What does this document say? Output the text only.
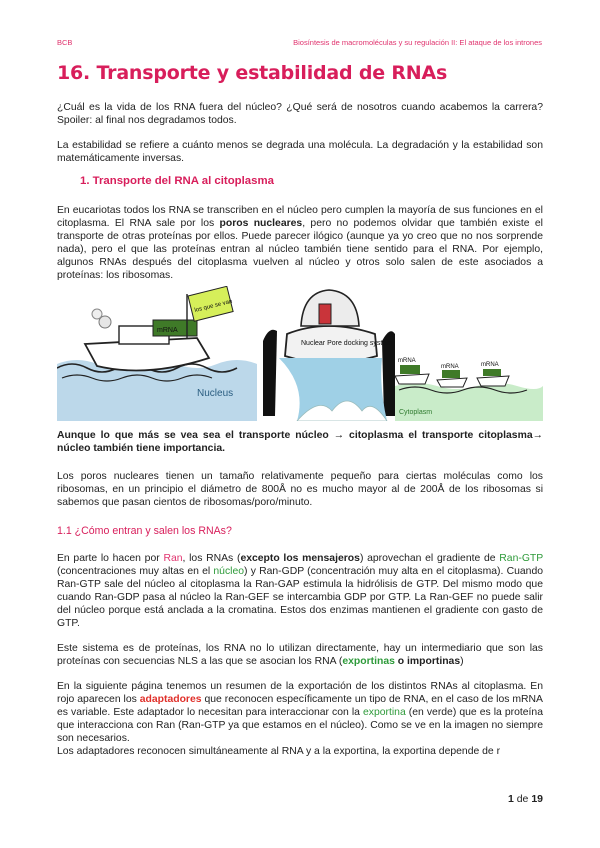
BCB	Biosíntesis de macromoléculas y su regulación II: El ataque de los intrones
16. Transporte y estabilidad de RNAs

¿Cuál es la vida de los RNA fuera del núcleo? ¿Qué será de nosotros cuando acabemos la carrera? Spoiler: al final nos degradamos todos.

La estabilidad se refiere a cuánto menos se degrada una molécula. La degradación y la estabilidad son matemáticamente inversas.

1. Transporte del RNA al citoplasma

En eucariotas todos los RNA se transcriben en el núcleo pero cumplen la mayoría de sus funciones en el citoplasma. El RNA sale por los poros nucleares, pero no podemos olvidar que también existe el transporte de otras proteínas por ellos. Puede parecer ilógico (aunque ya yo creo que no nos sorprende nada), pero el que las proteínas entran al núcleo también tiene sentido para el RNA. Por ejemplo, algunos RNAs después del citoplasma vuelven al núcleo y otros solo salen de este asociados a proteínas: los ribosomas.

mRNA
los que se van
Nucleus
Nuclear Pore docking system
mRNA
mRNA	mRNA
Cytoplasm

Aunque lo que más se vea sea el transporte núcleo → citoplasma el transporte citoplasma→ núcleo también tiene importancia.

Los poros nucleares tienen un tamaño relativamente pequeño para ciertas moléculas como los ribosomas, en un principio el diámetro de 800Å no es mucho mayor al de 200Å de los ribosomas si sabemos que pasan cientos de ribosomas/poro/minuto.

1.1 ¿Cómo entran y salen los RNAs?

En parte lo hacen por Ran, los RNAs (excepto los mensajeros) aprovechan el gradiente de Ran-GTP (concentraciones muy altas en el núcleo) y Ran-GDP (concentración muy alta en el citoplasma). Cuando Ran-GTP sale del núcleo al citoplasma la Ran-GAP estimula la hidrólisis de GTP. Del mismo modo que cuando Ran-GDP pasa al núcleo la Ran-GEF se intercambia GDP por GTP. La Ran-GEF no puede salir del núcleo porque está anclada a la cromatina. Estos dos enzimas mantienen el gradiente con gasto de GTP.

Este sistema es de proteínas, los RNA no lo utilizan directamente, hay un intermediario que son las proteínas con secuencias NLS a las que se asocian los RNA (exportinas o importinas)

En la siguiente página tenemos un resumen de la exportación de los distintos RNAs al citoplasma. En rojo aparecen los adaptadores que reconocen específicamente un tipo de RNA, en el caso de los mRNA es variable. Este adaptador lo necesitan para interaccionar con la exportina (en verde) que es la proteína que interacciona con Ran (Ran-GTP ya que estamos en el núcleo). Como se ve en la imagen no siempre son necesarios.

Los adaptadores reconocen simultáneamente al RNA y a la exportina, la exportina depende de r

1 de 19
